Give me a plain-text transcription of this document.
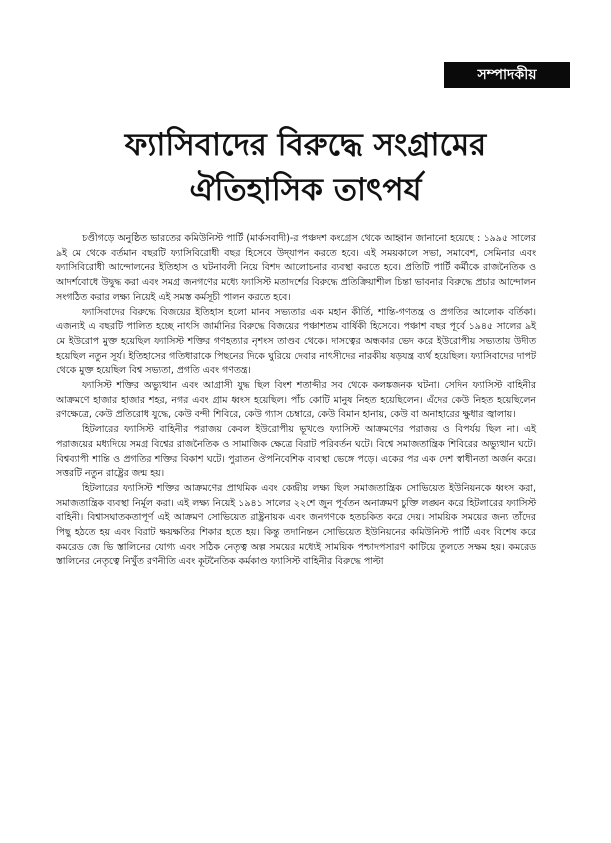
সম্পাদকীয়
ফ্যাসিবাদের বিরুদ্ধে সংগ্রামের
ঐতিহাসিক তাৎপর্য

চণ্ডীগড়ে অনুষ্ঠিত ভারতের কমিউনিস্ট পার্টি (মার্কসবাদী)-র পঞ্চদশ কংগ্রেস থেকে আহ্বান জানানো হয়েছে : ১৯৯৫ সালের ৯ই মে থেকে বর্তমান বছরটি ফ্যাসিবিরোধী বছর হিসেবে উদ্‌যাপন করতে হবে। এই সময়কালে সভা, সমাবেশ, সেমিনার এবং ফ্যাসিবিরোধী আন্দোলনের ইতিহাস ও ঘটনাবলী নিয়ে বিশদ আলোচনার ব্যবস্থা করতে হবে। প্রতিটি পার্টি কর্মীকে রাজনৈতিক ও আদর্শবোধে উদ্বুদ্ধ করা এবং সমগ্র জনগণের মধ্যে ফ্যাসিস্ট মতাদর্শের বিরুদ্ধে প্রতিক্রিয়াশীল চিন্তা ভাবনার বিরুদ্ধে প্রচার আন্দোলন সংগঠিত করার লক্ষ্য নিয়েই এই সমস্ত কর্মসূচী পালন করতে হবে।

ফ্যাসিবাদের বিরুদ্ধে বিজয়ের ইতিহাস হলো মানব সভ্যতার এক মহান কীর্তি, শান্তি-গণতন্ত্র ও প্রগতির আলোক বর্তিকা। এজন্যই এ বছরটি পালিত হচ্ছে নাৎসি জার্মানির বিরুদ্ধে বিজয়ের পঞ্চাশতম বার্ষিকী হিসেবে। পঞ্চাশ বছর পূর্বে ১৯৪৫ সালের ৯ই মে ইউরোপ মুক্ত হয়েছিল ফ্যাসিস্ট শক্তির গণহত্যার নৃশংস তাণ্ডব থেকে। দাসত্বের অন্ধকার ভেদ করে ইউরোপীয় সভ্যতায় উদীত হয়েছিল নতুন সূর্য। ইতিহাসের গতিধারাকে পিছনের দিকে ঘুরিয়ে দেবার নাৎসীদের নারকীয় ষড়যন্ত্র ব্যর্থ হয়েছিল। ফ্যাসিবাদের দাপট থেকে মুক্ত হয়েছিল বিশ্ব সভ্যতা, প্রগতি এবং গণতন্ত্র।

ফ্যাসিস্ট শক্তির অভ্যুত্থান এবং আগ্রাসী যুদ্ধ ছিল বিংশ শতাব্দীর সব থেকে কলঙ্কজনক ঘটনা। সেদিন ফ্যাসিস্ট বাহিনীর আক্রমণে হাজার হাজার শহর, নগর এবং গ্রাম ধ্বংস হয়েছিল। পাঁচ কোটি মানুষ নিহত হয়েছিলেন। এঁদের কেউ নিহত হয়েছিলেন রণক্ষেত্রে, কেউ প্রতিরোধ যুদ্ধে, কেউ বন্দী শিবিরে, কেউ গ্যাস চেম্বারে, কেউ বিমান হানায়, কেউ বা অনাহারের ক্ষুধার জ্বালায়।

হিটলারের ফ্যাসিস্ট বাহিনীর পরাজয় কেবল ইউরোপীয় ভূখণ্ডে ফ্যাসিস্ট আক্রমণের পরাজয় ও বিপর্যয় ছিল না। এই পরাজয়ের মধ্যদিয়ে সমগ্র বিশ্বের রাজনৈতিক ও সামাজিক ক্ষেত্রে বিরাট পরিবর্তন ঘটে। বিশ্বে সমাজতান্ত্রিক শিবিরের অভ্যুত্থান ঘটে। বিশ্বব্যাপী শান্তি ও প্রগতির শক্তির বিকাশ ঘটে। পুরাতন ঔপনিবেশিক ব্যবস্থা ভেঙ্গে পড়ে। একের পর এক দেশ স্বাধীনতা অর্জন করে। সত্তরটি নতুন রাষ্ট্রের জন্ম হয়।

হিটলারের ফ্যাসিস্ট শক্তির আক্রমণের প্রাথমিক এবং কেন্দ্রীয় লক্ষ্য ছিল সমাজতান্ত্রিক সোভিয়েত ইউনিয়নকে ধ্বংস করা, সমাজতান্ত্রিক ব্যবস্থা নির্মূল করা। এই লক্ষ্য নিয়েই ১৯৪১ সালের ২২শে জুন পূর্বতন অনাক্রমণ চুক্তি লঙ্ঘন করে হিটলারের ফ্যাসিস্ট বাহিনী। বিশ্বাসঘাতকতাপূর্ণ এই আক্রমণ সোভিয়েত রাষ্ট্রনায়ক এবং জনগণকে হতচকিত করে দেয়। সাময়িক সময়ের জন্য তাঁদের পিছু হঠতে হয় এবং বিরাট ক্ষয়ক্ষতির শিকার হতে হয়। কিন্তু তদানিন্তন সোভিয়েত ইউনিয়নের কমিউনিস্ট পার্টি এবং বিশেষ করে কমরেড জে ভি স্তালিনের যোগ্য এবং সঠিক নেতৃত্ব অল্প সময়ের মধ্যেই সাময়িক পশ্চাদপসারণ কাটিয়ে তুলতে সক্ষম হয়। কমরেড স্তালিনের নেতৃত্বে নিখুঁত রণনীতি এবং কূটনৈতিক কর্মকাণ্ড ফ্যাসিস্ট বাহিনীর বিরুদ্ধে পাল্টা
